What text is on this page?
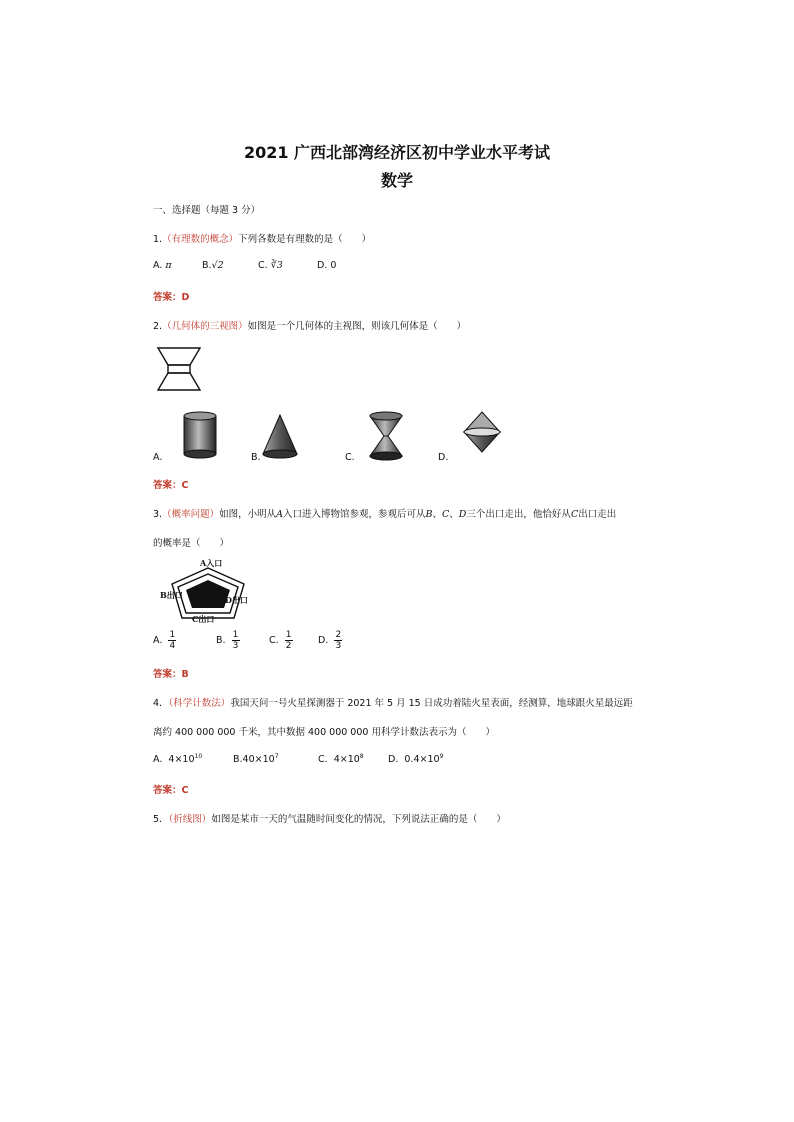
2021 广西北部湾经济区初中学业水平考试
数学
一、选择题（每题 3 分）
1.（有理数的概念）下列各数是有理数的是（　　）
A. π	B.√2	C. ∛3	D. 0
答案：D
2.（几何体的三视图）如图是一个几何体的主视图，则该几何体是（　　）
A.	B.	C.	D.
答案：C
3.（概率问题）如图，小明从A入口进入博物馆参观，参观后可从B、C、D三个出口走出，他恰好从C出口走出
的概率是（　　）
A入口
B出口	D出口
C出口
A. $\frac{1}{4}$	B. $\frac{1}{3}$	C. $\frac{1}{2}$	D. $\frac{2}{3}$
答案：B
4．（科学计数法）我国天问一号火星探测器于 2021 年 5 月 15 日成功着陆火星表面，经测算，地球跟火星最远距
离约 400 000 000 千米，其中数据 400 000 000 用科学计数法表示为（　　）
A. $4\times 10^{10}$	$B.40\times 10^7$	C. $4\times 10^8$	D. $0.4\times 10^9$
答案：C
5．（折线图）如图是某市一天的气温随时间变化的情况，下列说法正确的是（　　）
